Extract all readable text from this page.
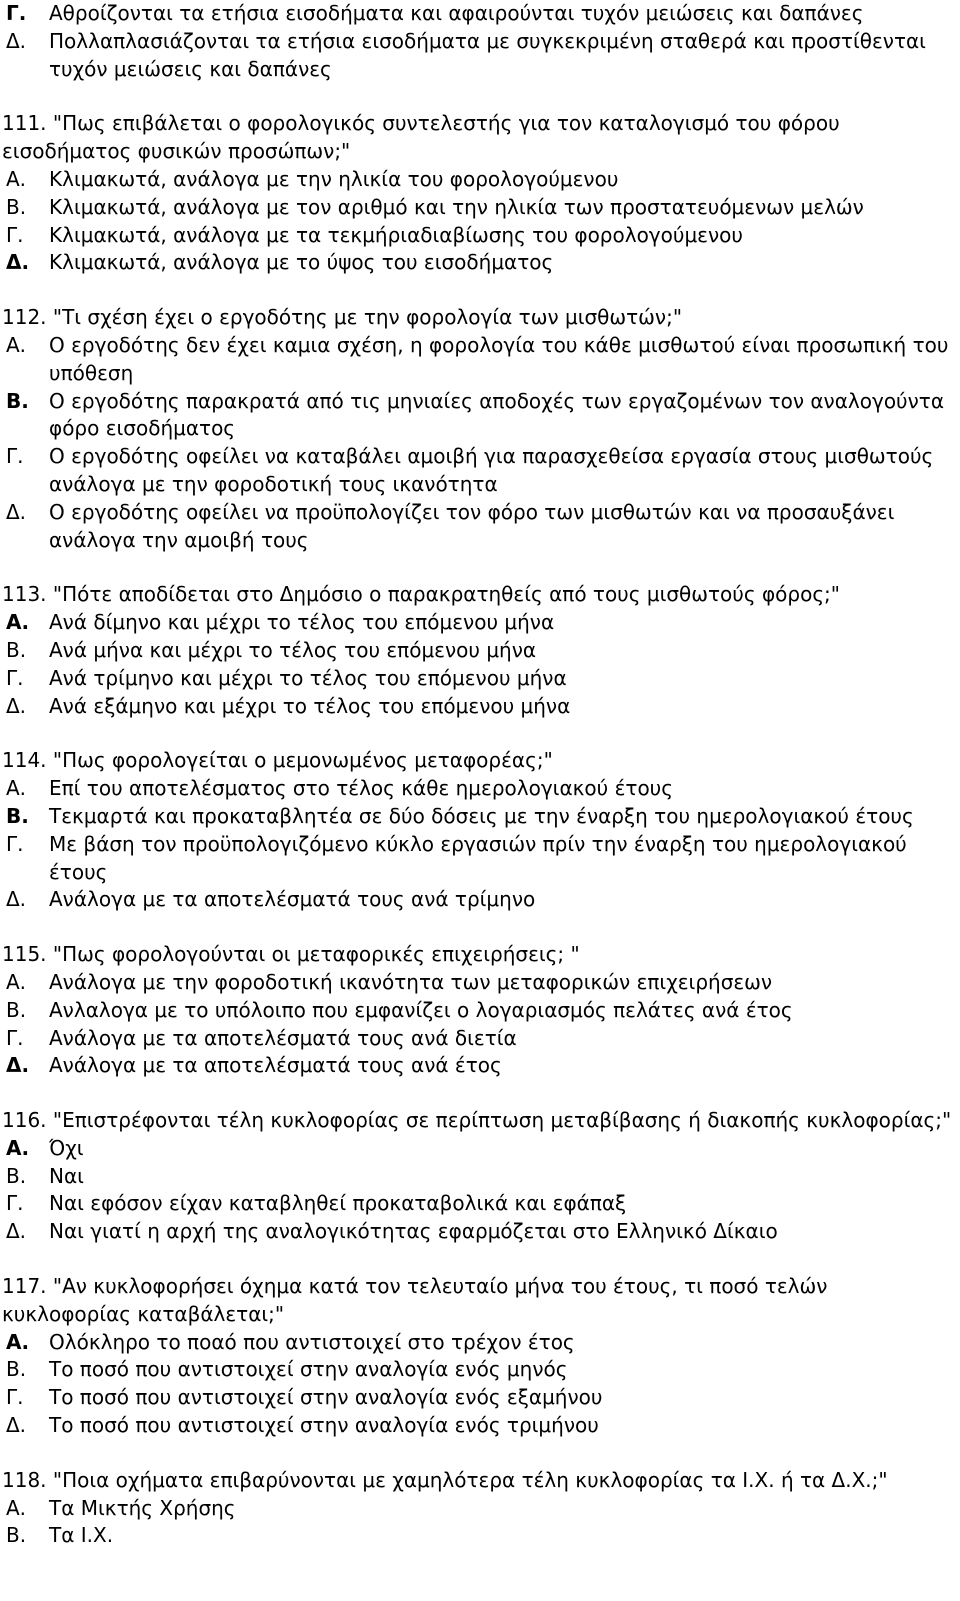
Γ.	Αθροίζονται τα ετήσια εισοδήματα και αφαιρούνται τυχόν μειώσεις και δαπάνες
Δ.	Πολλαπλασιάζονται τα ετήσια εισοδήματα με συγκεκριμένη σταθερά και προστίθενται τυχόν μειώσεις και δαπάνες
111. "Πως επιβάλεται ο φορολογικός συντελεστής για τον καταλογισμό του φόρου εισοδήματος φυσικών προσώπων;"
Α.	Κλιμακωτά, ανάλογα με την ηλικία του φορολογούμενου
Β.	Κλιμακωτά, ανάλογα με τον αριθμό και την ηλικία των προστατευόμενων μελών
Γ.	Κλιμακωτά, ανάλογα με τα τεκμήριαδιαβίωσης του φορολογούμενου
Δ. Κλιμακωτά, ανάλογα με το ύψος του εισοδήματος
112. "Τι σχέση έχει ο εργοδότης με την φορολογία των μισθωτών;"
Α.	Ο εργοδότης δεν έχει καμια σχέση, η φορολογία του κάθε μισθωτού είναι προσωπική του υπόθεση
Β.	Ο εργοδότης παρακρατά από τις μηνιαίες αποδοχές των εργαζομένων τον αναλογούντα φόρο εισοδήματος
Γ.	Ο εργοδότης οφείλει να καταβάλει αμοιβή για παρασχεθείσα εργασία στους μισθωτούς ανάλογα με την φοροδοτική τους ικανότητα
Δ.	Ο εργοδότης οφείλει να προϋπολογίζει τον φόρο των μισθωτών και να προσαυξάνει ανάλογα την αμοιβή τους
113. "Πότε αποδίδεται στο Δημόσιο ο παρακρατηθείς από τους μισθωτούς φόρος;"
Α. Ανά δίμηνο και μέχρι το τέλος του επόμενου μήνα
Β.	Ανά μήνα και μέχρι το τέλος του επόμενου μήνα
Γ.	Ανά τρίμηνο και μέχρι το τέλος του επόμενου μήνα
Δ.	Ανά εξάμηνο και μέχρι το τέλος του επόμενου μήνα
114. "Πως φορολογείται ο μεμονωμένος μεταφορέας;"
Α.	Επί του αποτελέσματος στο τέλος κάθε ημερολογιακού έτους
Β.	Τεκμαρτά και προκαταβλητέα σε δύο δόσεις με την έναρξη του ημερολογιακού έτους
Γ.	Με βάση τον προϋπολογιζόμενο κύκλο εργασιών πρίν την έναρξη του ημερολογιακού έτους
Δ.	Ανάλογα με τα αποτελέσματά τους ανά τρίμηνο
115. "Πως φορολογούνται οι μεταφορικές επιχειρήσεις; "
Α.	Ανάλογα με την φοροδοτική ικανότητα των μεταφορικών επιχειρήσεων
Β.	Ανλαλογα με το υπόλοιπο που εμφανίζει ο λογαριασμός πελάτες ανά έτος
Γ.	Ανάλογα με τα αποτελέσματά τους ανά διετία
Δ. Ανάλογα με τα αποτελέσματά τους ανά έτος
116. "Επιστρέφονται τέλη κυκλοφορίας σε περίπτωση μεταβίβασης ή διακοπής κυκλοφορίας;"
Α. Όχι
Β.	Ναι
Γ.	Ναι εφόσον είχαν καταβληθεί προκαταβολικά και εφάπαξ
Δ.	Ναι γιατί η αρχή της αναλογικότητας εφαρμόζεται στο Ελληνικό Δίκαιο
117. "Αν κυκλοφορήσει όχημα κατά τον τελευταίο μήνα του έτους, τι ποσό τελών κυκλοφορίας καταβάλεται;"
Α. Ολόκληρο το ποαό που αντιστοιχεί στο τρέχον έτος
Β.	Το ποσό που αντιστοιχεί στην αναλογία ενός μηνός
Γ.	Το ποσό που αντιστοιχεί στην αναλογία ενός εξαμήνου
Δ.	Το ποσό που αντιστοιχεί στην αναλογία ενός τριμήνου
118. "Ποια οχήματα επιβαρύνονται με χαμηλότερα τέλη κυκλοφορίας τα Ι.Χ. ή τα Δ.Χ.;"
Α.	Τα Μικτής Χρήσης
Β.	Τα Ι.Χ.
